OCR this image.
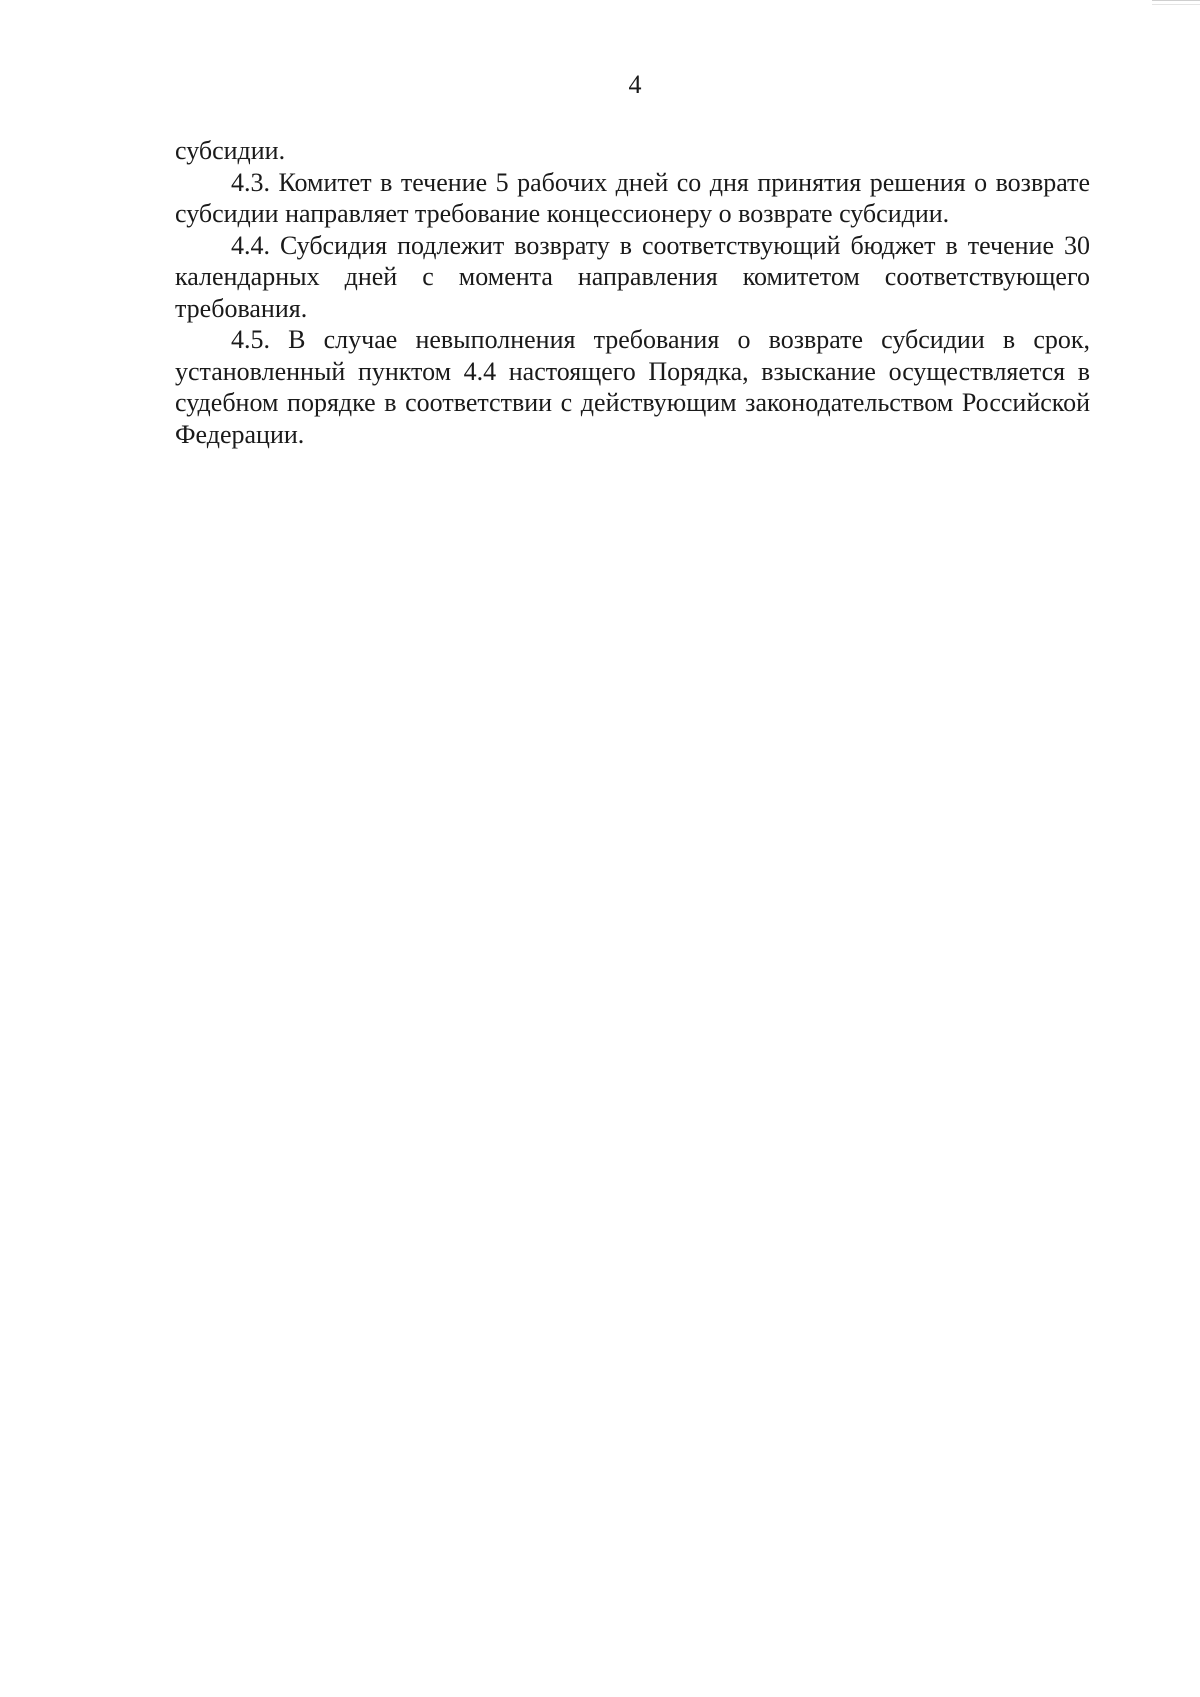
4

субсидии.

4.3. Комитет в течение 5 рабочих дней со дня принятия решения о возврате субсидии направляет требование концессионеру о возврате субсидии.

4.4. Субсидия подлежит возврату в соответствующий бюджет в течение 30 календарных дней с момента направления комитетом соответствующего требования.

4.5. В случае невыполнения требования о возврате субсидии в срок, установленный пунктом 4.4 настоящего Порядка, взыскание осуществляется в судебном порядке в соответствии с действующим законодательством Российской Федерации.
